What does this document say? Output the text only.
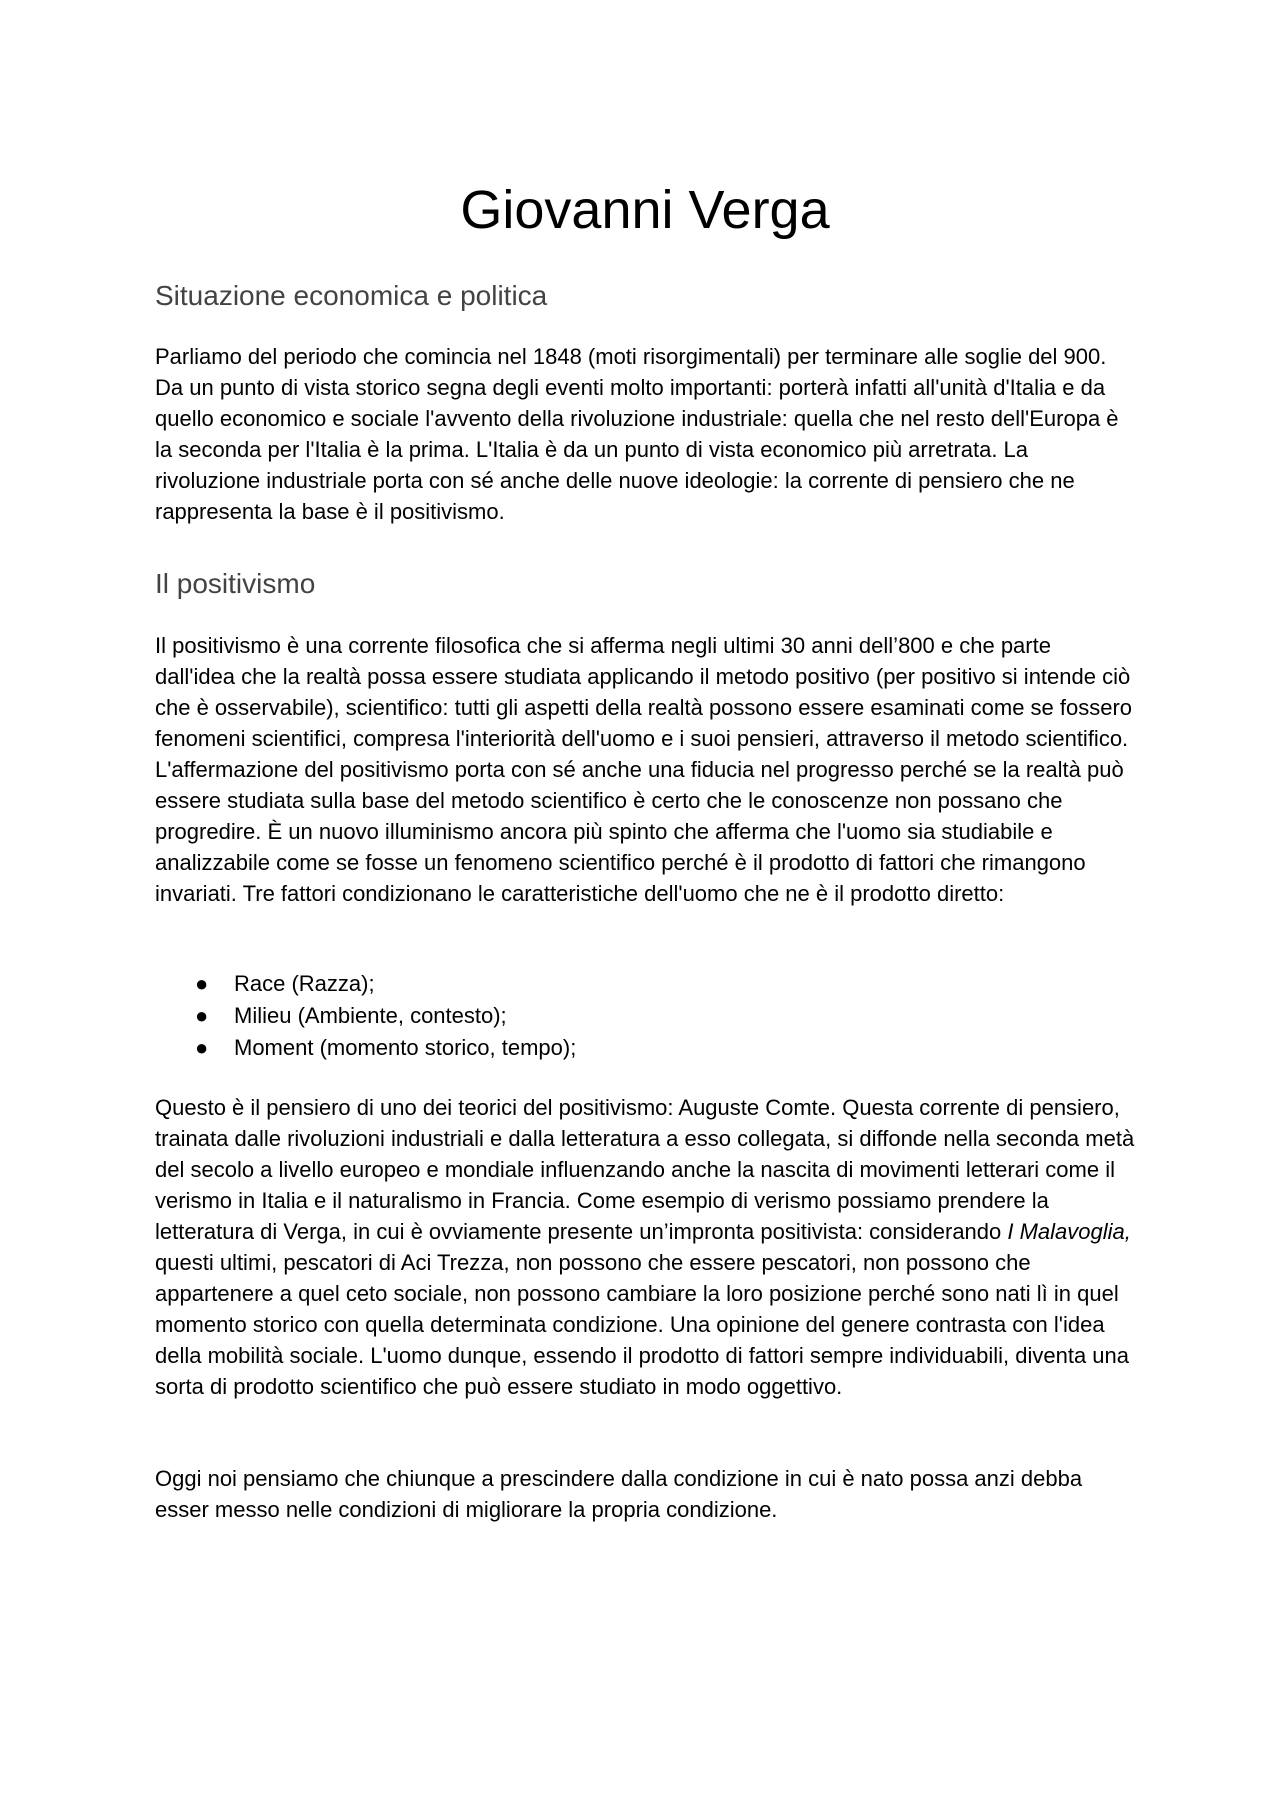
Giovanni Verga
Situazione economica e politica

Parliamo del periodo che comincia nel 1848 (moti risorgimentali) per terminare alle soglie del 900. Da un punto di vista storico segna degli eventi molto importanti: porterà infatti all'unità d'Italia e da quello economico e sociale l'avvento della rivoluzione industriale: quella che nel resto dell'Europa è la seconda per l'Italia è la prima. L'Italia è da un punto di vista economico più arretrata. La rivoluzione industriale porta con sé anche delle nuove ideologie: la corrente di pensiero che ne rappresenta la base è il positivismo.

Il positivismo

Il positivismo è una corrente filosofica che si afferma negli ultimi 30 anni dell’800 e che parte dall'idea che la realtà possa essere studiata applicando il metodo positivo (per positivo si intende ciò che è osservabile), scientifico: tutti gli aspetti della realtà possono essere esaminati come se fossero fenomeni scientifici, compresa l'interiorità dell'uomo e i suoi pensieri, attraverso il metodo scientifico. L'affermazione del positivismo porta con sé anche una fiducia nel progresso perché se la realtà può essere studiata sulla base del metodo scientifico è certo che le conoscenze non possano che progredire. È un nuovo illuminismo ancora più spinto che afferma che l'uomo sia studiabile e analizzabile come se fosse un fenomeno scientifico perché è il prodotto di fattori che rimangono invariati. Tre fattori condizionano le caratteristiche dell'uomo che ne è il prodotto diretto:

● Race (Razza);
● Milieu (Ambiente, contesto);
● Moment (momento storico, tempo);

Questo è il pensiero di uno dei teorici del positivismo: Auguste Comte. Questa corrente di pensiero, trainata dalle rivoluzioni industriali e dalla letteratura a esso collegata, si diffonde nella seconda metà del secolo a livello europeo e mondiale influenzando anche la nascita di movimenti letterari come il verismo in Italia e il naturalismo in Francia. Come esempio di verismo possiamo prendere la letteratura di Verga, in cui è ovviamente presente un’impronta positivista: considerando I Malavoglia, questi ultimi, pescatori di Aci Trezza, non possono che essere pescatori, non possono che appartenere a quel ceto sociale, non possono cambiare la loro posizione perché sono nati lì in quel momento storico con quella determinata condizione. Una opinione del genere contrasta con l'idea della mobilità sociale. L'uomo dunque, essendo il prodotto di fattori sempre individuabili, diventa una sorta di prodotto scientifico che può essere studiato in modo oggettivo.

Oggi noi pensiamo che chiunque a prescindere dalla condizione in cui è nato possa anzi debba esser messo nelle condizioni di migliorare la propria condizione.
